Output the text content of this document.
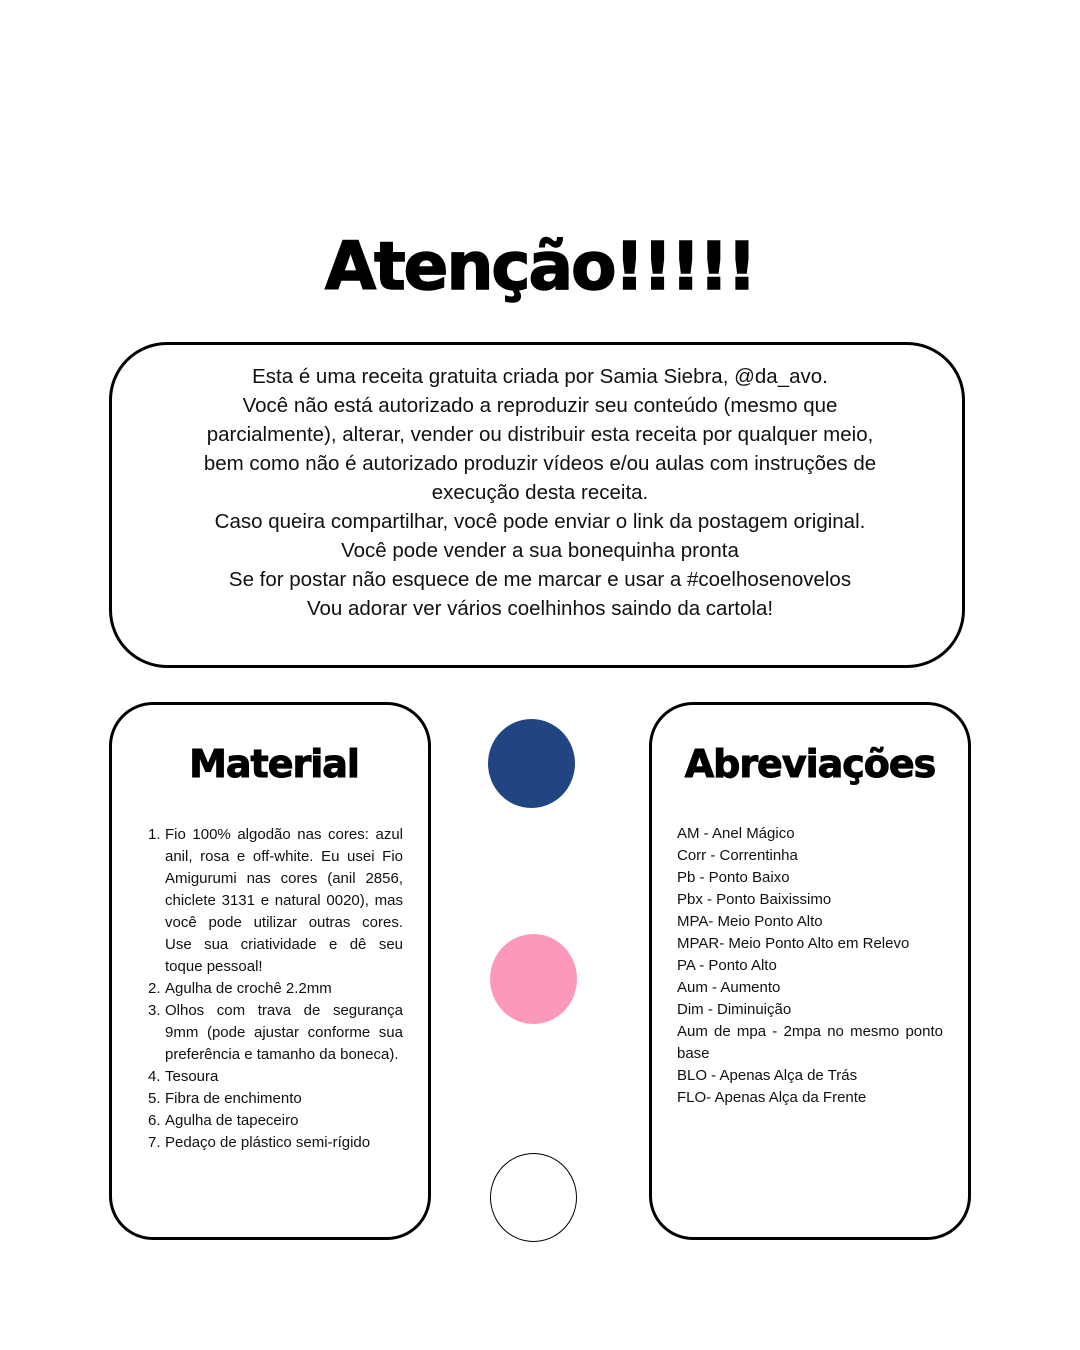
Atenção!!!!!
Esta é uma receita gratuita criada por Samia Siebra, @da_avo.
Você não está autorizado a reproduzir seu conteúdo (mesmo que
parcialmente), alterar, vender ou distribuir esta receita por qualquer meio,
bem como não é autorizado produzir vídeos e/ou aulas com instruções de
execução desta receita.
Caso queira compartilhar, você pode enviar o link da postagem original.
Você pode vender a sua bonequinha pronta
Se for postar não esquece de me marcar e usar a #coelhosenovelos
Vou adorar ver vários coelhinhos saindo da cartola!
Material
1. Fio 100% algodão nas cores: azul anil, rosa e off-white. Eu usei Fio Amigurumi nas cores (anil 2856, chiclete 3131 e natural 0020), mas você pode utilizar outras cores. Use sua criatividade e dê seu toque pessoal!
2. Agulha de crochê 2.2mm
3. Olhos com trava de segurança 9mm (pode ajustar conforme sua preferência e tamanho da boneca).
4. Tesoura
5. Fibra de enchimento
6. Agulha de tapeceiro
7. Pedaço de plástico semi-rígido
Abreviações
AM - Anel Mágico
Corr - Correntinha
Pb - Ponto Baixo
Pbx - Ponto Baixissimo
MPA- Meio Ponto Alto
MPAR- Meio Ponto Alto em Relevo
PA - Ponto Alto
Aum - Aumento
Dim - Diminuição
Aum de mpa - 2mpa no mesmo ponto base
BLO - Apenas Alça de Trás
FLO- Apenas Alça da Frente
